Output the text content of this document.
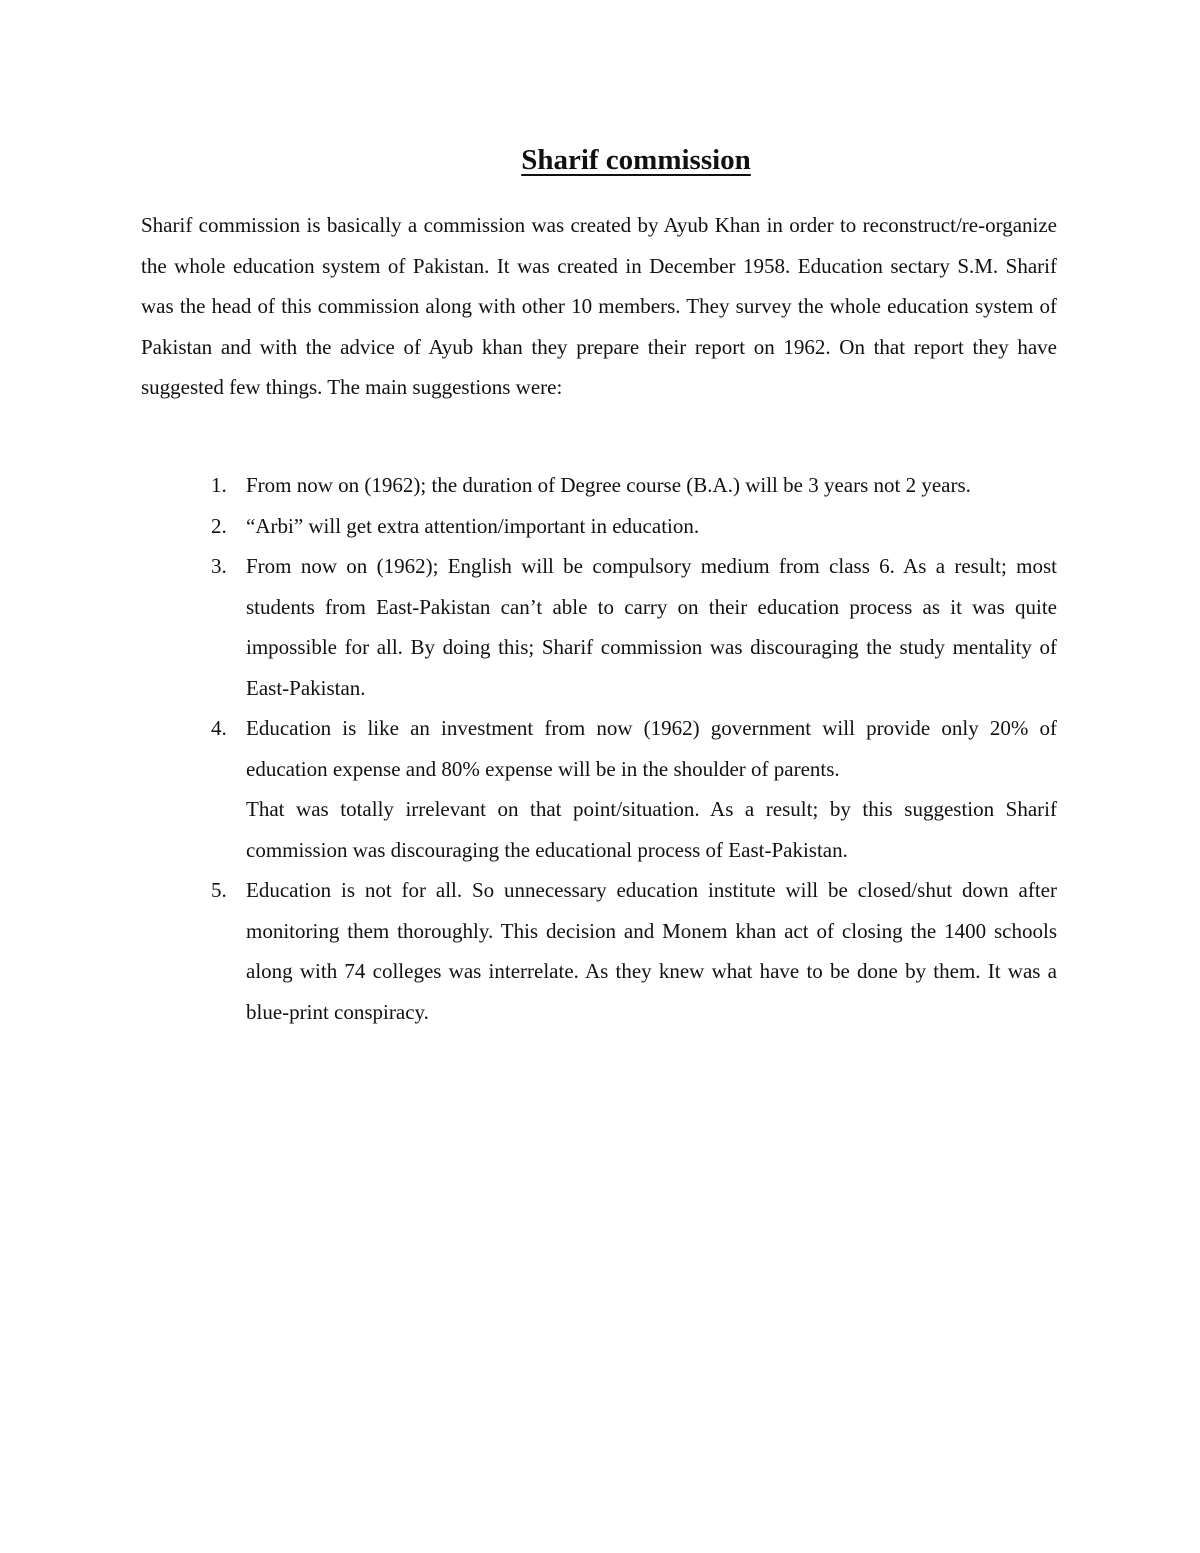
Sharif commission

Sharif commission is basically a commission was created by Ayub Khan in order to reconstruct/re-organize the whole education system of Pakistan. It was created in December 1958. Education sectary S.M. Sharif was the head of this commission along with other 10 members. They survey the whole education system of Pakistan and with the advice of Ayub khan they prepare their report on 1962. On that report they have suggested few things. The main suggestions were:

1. From now on (1962); the duration of Degree course (B.A.) will be 3 years not 2 years.

2. “Arbi” will get extra attention/important in education.

3. From now on (1962); English will be compulsory medium from class 6. As a result; most students from East-Pakistan can’t able to carry on their education process as it was quite impossible for all. By doing this; Sharif commission was discouraging the study mentality of East-Pakistan.

4. Education is like an investment from now (1962) government will provide only 20% of education expense and 80% expense will be in the shoulder of parents.

That was totally irrelevant on that point/situation. As a result; by this suggestion Sharif commission was discouraging the educational process of East-Pakistan.

5. Education is not for all. So unnecessary education institute will be closed/shut down after monitoring them thoroughly. This decision and Monem khan act of closing the 1400 schools along with 74 colleges was interrelate. As they knew what have to be done by them. It was a blue-print conspiracy.
